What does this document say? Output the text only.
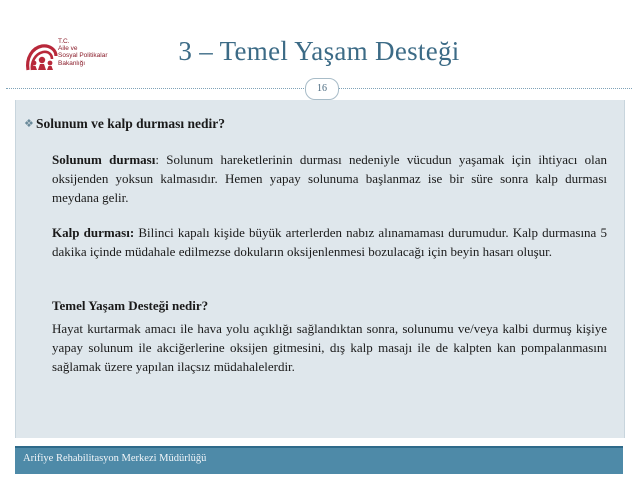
T.C.
Aile ve
Sosyal Politikalar
Bakanlığı	3 – Temel Yaşam Desteği
16
❖ Solunum ve kalp durması nedir?
Solunum durması: Solunum hareketlerinin durması nedeniyle vücudun yaşamak için ihtiyacı olan oksijenden yoksun kalmasıdır. Hemen yapay solunuma başlanmaz ise bir süre sonra kalp durması meydana gelir.
Kalp durması: Bilinci kapalı kişide büyük arterlerden nabız alınamaması durumudur. Kalp durmasına 5 dakika içinde müdahale edilmezse dokuların oksijenlenmesi bozulacağı için beyin hasarı oluşur.
Temel Yaşam Desteği nedir?
Hayat kurtarmak amacı ile hava yolu açıklığı sağlandıktan sonra, solunumu ve/veya kalbi durmuş kişiye yapay solunum ile akciğerlerine oksijen gitmesini, dış kalp masajı ile de kalpten kan pompalanmasını sağlamak üzere yapılan ilaçsız müdahalelerdir.
Arifiye Rehabilitasyon Merkezi Müdürlüğü
